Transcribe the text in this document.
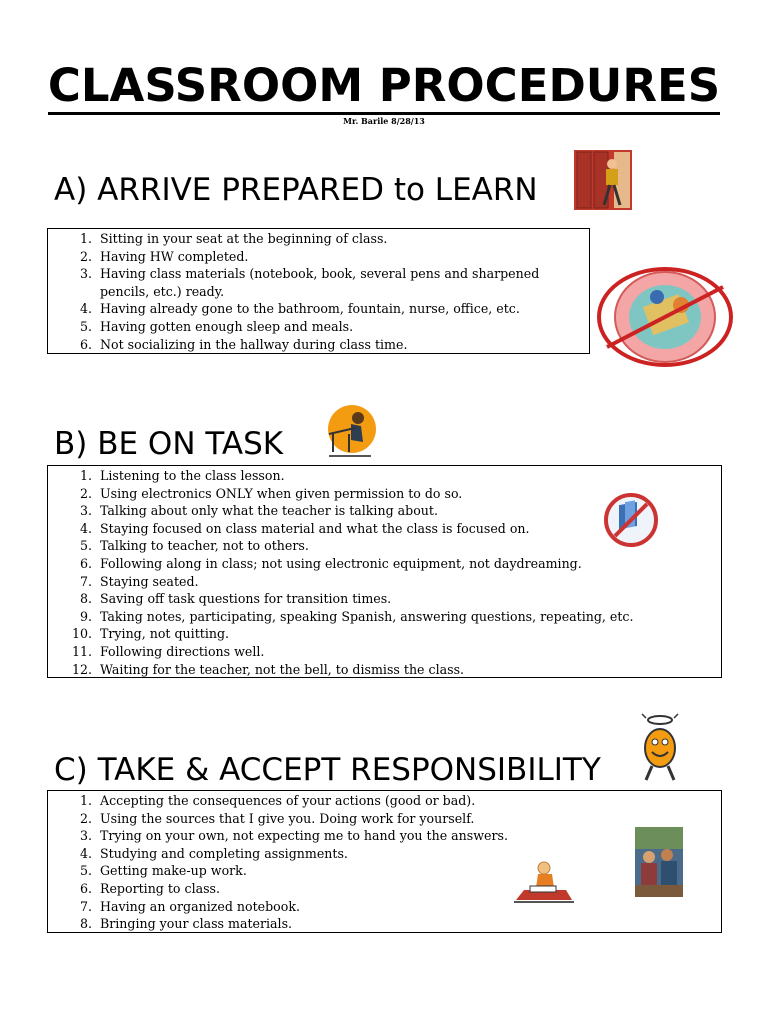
CLASSROOM PROCEDURES
Mr. Barile 8/28/13
A) ARRIVE PREPARED to LEARN
1. Sitting in your seat at the beginning of class.
2. Having HW completed.
3. Having class materials (notebook, book, several pens and sharpened
pencils, etc.) ready.
4. Having already gone to the bathroom, fountain, nurse, office, etc.
5. Having gotten enough sleep and meals.
6. Not socializing in the hallway during class time.
B) BE ON TASK
1. Listening to the class lesson.
2. Using electronics ONLY when given permission to do so.
3. Talking about only what the teacher is talking about.
4. Staying focused on class material and what the class is focused on.
5. Talking to teacher, not to others.
6. Following along in class; not using electronic equipment, not daydreaming.
7. Staying seated.
8. Saving off task questions for transition times.
9. Taking notes, participating, speaking Spanish, answering questions, repeating, etc.
10. Trying, not quitting.
11. Following directions well.
12. Waiting for the teacher, not the bell, to dismiss the class.
C) TAKE & ACCEPT RESPONSIBILITY
1. Accepting the consequences of your actions (good or bad).
2. Using the sources that I give you. Doing work for yourself.
3. Trying on your own, not expecting me to hand you the answers.
4. Studying and completing assignments.
5. Getting make-up work.
6. Reporting to class.
7. Having an organized notebook.
8. Bringing your class materials.
